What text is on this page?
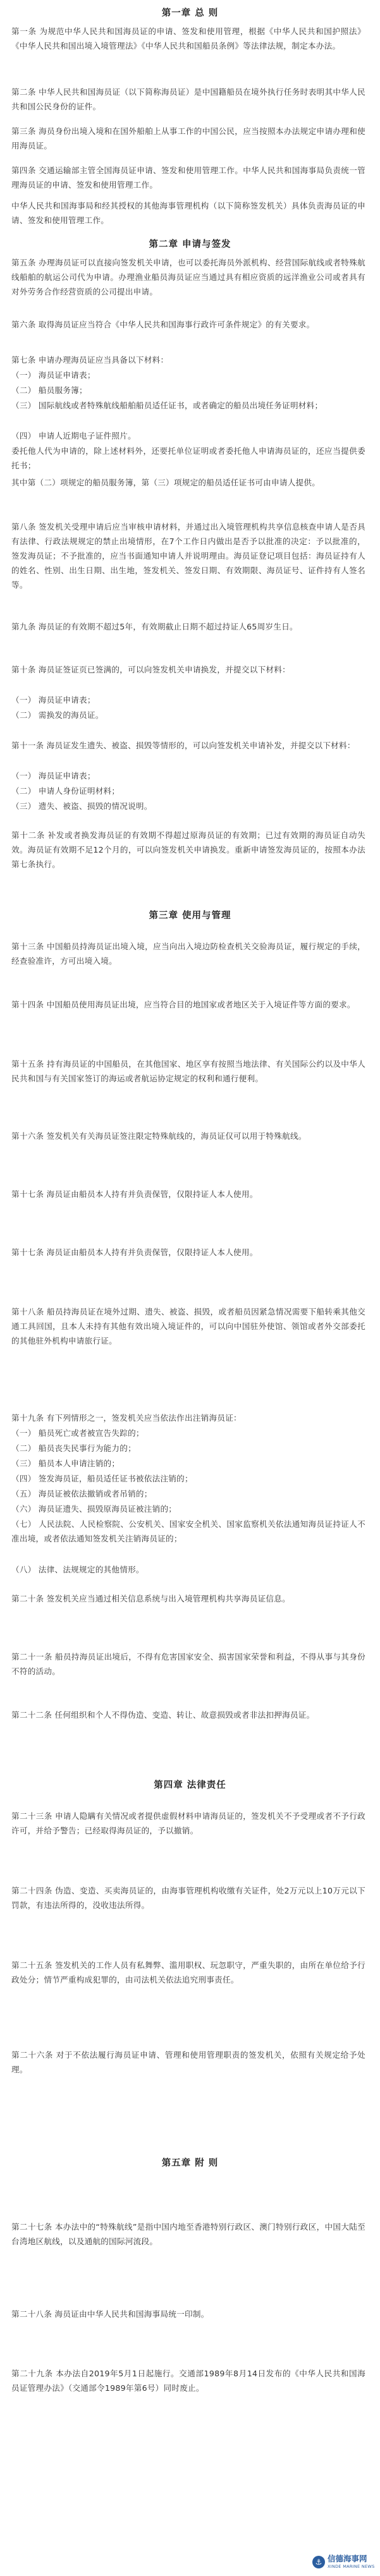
第一章 总 则

第一条 为规范中华人民共和国海员证的申请、签发和使用管理，根据《中华人民共和国护照法》《中华人民共和国出境入境管理法》《中华人民共和国船员条例》等法律法规，制定本办法。

第二条 中华人民共和国海员证（以下简称海员证）是中国籍船员在境外执行任务时表明其中华人民共和国公民身份的证件。

第三条 海员身份出境入境和在国外船舶上从事工作的中国公民，应当按照本办法规定申请办理和使用海员证。

第四条 交通运输部主管全国海员证申请、签发和使用管理工作。中华人民共和国海事局负责统一管理海员证的申请、签发和使用管理工作。

中华人民共和国海事局和经其授权的其他海事管理机构（以下简称签发机关）具体负责海员证的申请、签发和使用管理工作。

第二章 申请与签发

第五条 办理海员证可以直接向签发机关申请，也可以委托海员外派机构、经营国际航线或者特殊航线船舶的航运公司代为申请。办理渔业船员海员证应当通过具有相应资质的远洋渔业公司或者具有对外劳务合作经营资质的公司提出申请。

第六条 取得海员证应当符合《中华人民共和国海事行政许可条件规定》的有关要求。

第七条 申请办理海员证应当具备以下材料：

（一） 海员证申请表；

（二） 船员服务簿；

（三） 国际航线或者特殊航线船舶船员适任证书，或者确定的船员出境任务证明材料；

（四） 申请人近期电子证件照片。

委托他人代为申请的，除上述材料外，还要托单位证明或者委托他人申请海员证的，还应当提供委托书；

其中第（二）项规定的船员服务簿，第（三）项规定的船员适任证书可由申请人提供。

第八条 签发机关受理申请后应当审核申请材料，并通过出入境管理机构共享信息核查申请人是否具有法律、行政法规规定的禁止出境情形，在7个工作日内做出是否予以批准的决定：予以批准的，签发海员证；不予批准的，应当书面通知申请人并说明理由。海员证登记项目包括：海员证持有人的姓名、性别、出生日期、出生地，签发机关、签发日期、有效期限、海员证号、证件持有人签名等。

第九条 海员证的有效期不超过5年，有效期截止日期不超过持证人65周岁生日。

第十条 海员证签证页已签满的，可以向签发机关申请换发，并提交以下材料：

（一） 海员证申请表；

（二） 需换发的海员证。

第十一条 海员证发生遗失、被盗、损毁等情形的，可以向签发机关申请补发，并提交以下材料：

（一） 海员证申请表；

（二） 申请人身份证明材料；

（三） 遗失、被盗、损毁的情况说明。

第十二条 补发或者换发海员证的有效期不得超过原海员证的有效期；已过有效期的海员证自动失效。海员证有效期不足12个月的，可以向签发机关申请换发。重新申请签发海员证的，按照本办法第七条执行。

第三章 使用与管理

第十三条 中国船员持海员证出境入境，应当向出入境边防检查机关交验海员证，履行规定的手续，经查验准许，方可出境入境。

第十四条 中国船员使用海员证出境，应当符合目的地国家或者地区关于入境证件等方面的要求。

第十五条 持有海员证的中国船员，在其他国家、地区享有按照当地法律、有关国际公约以及中华人民共和国与有关国家签订的海运或者航运协定规定的权利和通行便利。

第十六条 签发机关有关海员证签注限定特殊航线的，海员证仅可以用于特殊航线。

第十七条 海员证由船员本人持有并负责保管，仅限持证人本人使用。

第十七条 海员证由船员本人持有并负责保管，仅限持证人本人使用。

第十八条 船员持海员证在境外过期、遗失、被盗、损毁，或者船员因紧急情况需要下船转乘其他交通工具回国，且本人未持有其他有效出境入境证件的，可以向中国驻外使馆、领馆或者外交部委托的其他驻外机构申请旅行证。

第十九条 有下列情形之一，签发机关应当依法作出注销海员证：

（一） 船员死亡或者被宣告失踪的；

（二） 船员丧失民事行为能力的；

（三） 船员本人申请注销的；

（四） 签发海员证，船员适任证书被依法注销的；

（五） 海员证被依法撤销或者吊销的；

（六） 海员证遗失、损毁原海员证被注销的；

（七） 人民法院、人民检察院、公安机关、国家安全机关、国家监察机关依法通知海员证持证人不准出境，或者依法通知签发机关注销海员证的；

（八） 法律、法规规定的其他情形。

第二十条 签发机关应当通过相关信息系统与出入境管理机构共享海员证信息。

第二十一条 船员持海员证出境后，不得有危害国家安全、损害国家荣誉和利益，不得从事与其身份不符的活动。

第二十二条 任何组织和个人不得伪造、变造、转让、故意损毁或者非法扣押海员证。

第四章 法律责任

第二十三条 申请人隐瞒有关情况或者提供虚假材料申请海员证的，签发机关不予受理或者不予行政许可，并给予警告；已经取得海员证的，予以撤销。

第二十四条 伪造、变造、买卖海员证的，由海事管理机构收缴有关证件，处2万元以上10万元以下罚款，有违法所得的，没收违法所得。

第二十五条 签发机关的工作人员有私舞弊、滥用职权、玩忽职守，严重失职的，由所在单位给予行政处分；情节严重构成犯罪的，由司法机关依法追究刑事责任。

第二十六条 对于不依法履行海员证申请、管理和使用管理职责的签发机关，依照有关规定给予处理。

第五章 附 则

第二十七条 本办法中的“特殊航线”是指中国内地至香港特别行政区、澳门特别行政区，中国大陆至台湾地区航线，以及通航的国际河流段。

第二十八条 海员证由中华人民共和国海事局统一印制。

第二十九条 本办法自2019年5月1日起施行。交通部1989年8月14日发布的《中华人民共和国海员证管理办法》（交通部令1989年第6号）同时废止。

⚓ 信德海事网
XINDE MARINE NEWS
